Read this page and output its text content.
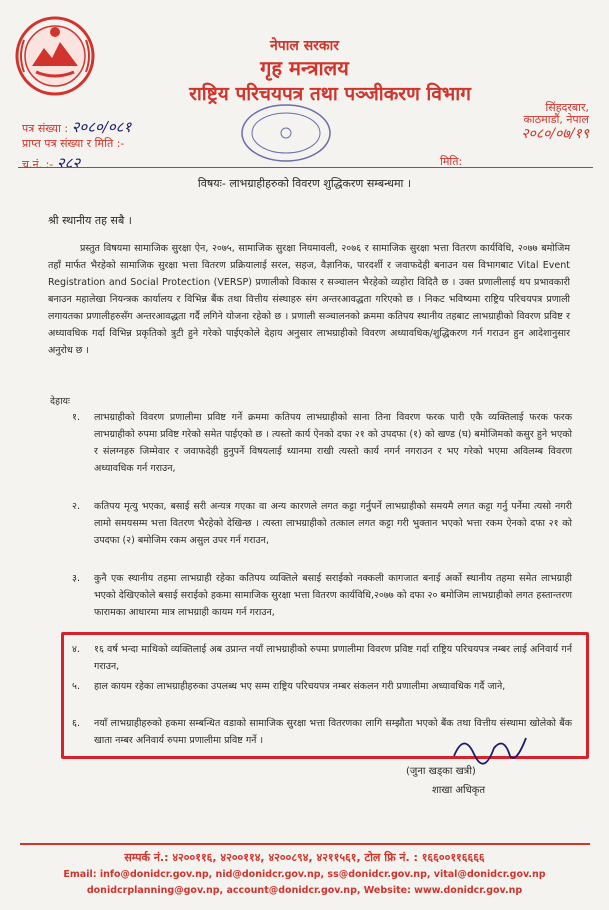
नेपाल सरकार
गृह मन्त्रालय
राष्ट्रिय परिचयपत्र तथा पञ्जीकरण विभाग
पत्र संख्या : २०८०/०८१
प्राप्त पत्र संख्या र मिति :-
च.नं. :- २८२
सिंहदरबार,
काठमाडौं, नेपाल
२०८०/०७/१९
मिति:
विषयः- लाभग्राहीहरुको विवरण शुद्धिकरण सम्बन्धमा ।
श्री स्थानीय तह सबै ।
प्रस्तुत विषयमा सामाजिक सुरक्षा ऐन, २०७५, सामाजिक सुरक्षा नियमावली, २०७६ र सामाजिक सुरक्षा भत्ता वितरण कार्यविधि, २०७७ बमोजिम तहाँ मार्फत भैरहेको सामाजिक सुरक्षा भत्ता वितरण प्रक्रियालाई सरल, सहज, वैज्ञानिक, पारदर्शी र जवाफदेही बनाउन यस विभागबाट Vital Event Registration and Social Protection (VERSP) प्रणालीको विकास र सञ्चालन भैरहेको व्यहोरा विदितै छ । उक्त प्रणालीलाई थप प्रभावकारी बनाउन महालेखा नियन्त्रक कार्यालय र विभिन्न बैंक तथा वित्तीय संस्थाहरु संग अन्तरआवद्धता गरिएको छ । निकट भविष्यमा राष्ट्रिय परिचयपत्र प्रणाली लगायतका प्रणालीहरुसँग अन्तरआवद्धता गर्दै लगिने योजना रहेको छ । प्रणाली सञ्चालनको क्रममा कतिपय स्थानीय तहबाट लाभग्राहीको विवरण प्रविष्ट र अध्यावधिक गर्दा विभिन्न प्रकृतिको त्रुटी हुने गरेको पाईएकोले देहाय अनुसार लाभग्राहीको विवरण अध्यावधिक/शुद्धिकरण गर्न गराउन हुन आदेशानुसार अनुरोध छ ।
देहायः
१.	लाभग्राहीको विवरण प्रणालीमा प्रविष्ट गर्ने क्रममा कतिपय लाभग्राहीको साना तिना विवरण फरक पारी एकै व्यक्तिलाई फरक फरक लाभग्राहीको रुपमा प्रविष्ट गरेको समेत पाईएको छ । त्यस्तो कार्य ऐनको दफा २१ को उपदफा (१) को खण्ड (घ) बमोजिमको कसुर हुने भएको र संलग्नहरु जिम्मेवार र जवाफदेही हुनुपर्ने विषयलाई ध्यानमा राखी त्यस्तो कार्य नगर्न नगराउन र भए गरेको भएमा अविलम्ब विवरण अध्यावधिक गर्न गराउन,
२.	कतिपय मृत्यु भएका, बसाई सरी अन्यत्र गएका वा अन्य कारणले लगत कट्टा गर्नुपर्ने लाभग्राहीको समयमै लगत कट्टा गर्नु पर्नेमा त्यसो नगरी लामो समयसम्म भत्ता वितरण भैरहेको देखिन्छ । त्यस्ता लाभग्राहीको तत्काल लगत कट्टा गरी भुक्तान भएको भत्ता रकम ऐनको दफा २१ को उपदफा (२) बमोजिम रकम असुल उपर गर्न गराउन,
३.	कुनै एक स्थानीय तहमा लाभग्राही रहेका कतिपय व्यक्तिले बसाई सराईको नक्कली कागजात बनाई अर्को स्थानीय तहमा समेत लाभग्राही भएको देखिएकोले बसाई सराईको हकमा सामाजिक सुरक्षा भत्ता वितरण कार्यविधि,२०७७ को दफा २० बमोजिम लाभग्राहीको लगत हस्तान्तरण फारामका आधारमा मात्र लाभग्राही कायम गर्न गराउन,
४.	१६ वर्ष भन्दा माथिको व्यक्तिलाई अब उप्रान्त नयाँ लाभग्राहीको रुपमा प्रणालीमा विवरण प्रविष्ट गर्दा राष्ट्रिय परिचयपत्र नम्बर लाई अनिवार्य गर्न गराउन,
५.	हाल कायम रहेका लाभग्राहीहरुका उपलब्ध भए सम्म राष्ट्रिय परिचयपत्र नम्बर संकलन गरी प्रणालीमा अध्यावधिक गर्दै जाने,
६.	नयाँ लाभग्राहीहरुको हकमा सम्बन्धित वडाको सामाजिक सुरक्षा भत्ता वितरणका लागि सम्झौता भएको बैंक तथा वित्तीय संस्थामा खोलेको बैंक खाता नम्बर अनिवार्य रुपमा प्रणालीमा प्रविष्ट गर्ने ।
(जुना खड्का खत्री)
शाखा अधिकृत
सम्पर्क नं.: ४२००११६, ४२००११४, ४२००८९४, ४२११५६१, टोल फ्रि नं. : १६६००११६६६६
Email: info@donidcr.gov.np, nid@donidcr.gov.np, ss@donidcr.gov.np, vital@donidcr.gov.np
donidcrplanning@gov.np, account@donidcr.gov.np, Website: www.donidcr.gov.np
